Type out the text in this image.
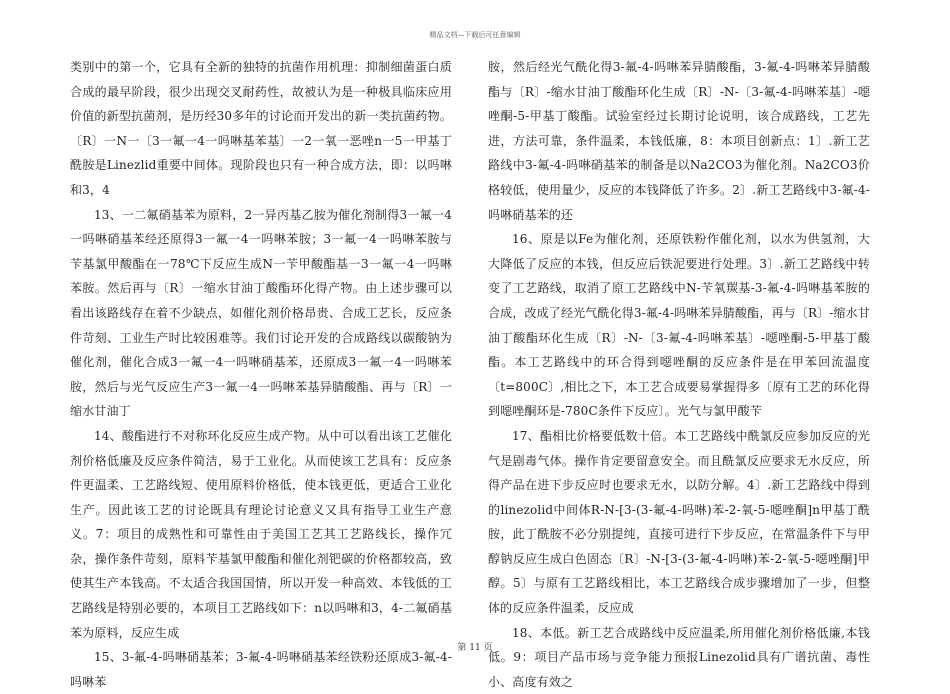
精品文档—下载后可任意编辑

类别中的第一个，它具有全新的独特的抗菌作用机理：抑制细菌蛋白质合成的最早阶段，很少出现交叉耐药性，故被认为是一种极具临床应用价值的新型抗菌剂，是历经30多年的讨论而开发出的新一类抗菌药物。〔R〕一N一〔3一氟一4一吗啉基苯基〕一2一氧一恶唑n一5一甲基丁酰胺是Linezlid重要中间体。现阶段也只有一种合成方法，即：以吗啉和3，4

13、一二氟硝基苯为原料，2一异丙基乙胺为催化剂制得3一氟一4一吗啉硝基苯经还原得3一氟一4一吗啉苯胺；3一氟一4一吗啉苯胺与苄基氯甲酸酯在一78℃下反应生成N一苄甲酸酯基一3一氟一4一吗啉苯胺。然后再与〔R〕一缩水甘油丁酸酯环化得产物。由上述步骤可以看出该路线存在着不少缺点，如催化剂价格昂贵、合成工艺长，反应条件苛刻、工业生产时比较困难等。我们讨论开发的合成路线以碳酸钠为催化剂，催化合成3一氟一4一吗啉硝基苯，还原成3一氟一4一吗啉苯胺，然后与光气反应生产3一氟一4一吗啉苯基异腈酸酯、再与〔R〕一缩水甘油丁

14、酸酯进行不对称环化反应生成产物。从中可以看出该工艺催化剂价格低廉及反应条件简洁，易于工业化。从而使该工艺具有：反应条件更温柔、工艺路线短、使用原料价格低，使本钱更低，更适合工业化生产。因此该工艺的讨论既具有理论讨论意义又具有指导工业生产意义。7：项目的成熟性和可靠性由于美国工艺其工艺路线长，操作冗杂，操作条件苛刻，原料苄基氯甲酸酯和催化剂钯碳的价格都较高，致使其生产本钱高。不太适合我国国情，所以开发一种高效、本钱低的工艺路线是特别必要的，本项目工艺路线如下：n以吗啉和3，4-二氟硝基苯为原料，反应生成

15、3-氟-4-吗啉硝基苯；3-氟-4-吗啉硝基苯经铁粉还原成3-氟-4-吗啉苯

胺，然后经光气酰化得3-氟-4-吗啉苯异腈酸酯，3-氟-4-吗啉苯异腈酸酯与〔R〕-缩水甘油丁酸酯环化生成〔R〕-N-〔3-氟-4-吗啉苯基〕-噁唑酮-5-甲基丁酸酯。试验室经过长期讨论说明，该合成路线，工艺先进，方法可靠，条件温柔，本钱低廉，8：本项目创新点：1〕.新工艺路线中3-氟-4-吗啉硝基苯的制备是以Na2CO3为催化剂。Na2CO3价格较低，使用量少，反应的本钱降低了许多。2〕.新工艺路线中3-氟-4-吗啉硝基苯的还

16、原是以Fe为催化剂，还原铁粉作催化剂，以水为供氢剂，大大降低了反应的本钱，但反应后铁泥要进行处理。3〕.新工艺路线中转变了工艺路线，取消了原工艺路线中N-苄氧羰基-3-氟-4-吗啉基苯胺的合成，改成了经光气酰化得3-氟-4-吗啉苯异腈酸酯，再与〔R〕-缩水甘油丁酸酯环化生成〔R〕-N-〔3-氟-4-吗啉苯基〕-噁唑酮-5-甲基丁酸酯。本工艺路线中的环合得到噁唑酮的反应条件是在甲苯回流温度〔t=800C〕,相比之下，本工艺合成要易掌握得多〔原有工艺的环化得到噁唑酮环是-780C条件下反应〕。光气与氯甲酸苄

17、酯相比价格要低数十倍。本工艺路线中酰氯反应参加反应的光气是剧毒气体。操作肯定要留意安全。而且酰氯反应要求无水反应，所得产品在进下步反应时也要求无水，以防分解。4〕.新工艺路线中得到的linezolid中间体R-N-[3-(3-氟-4-吗啉)苯-2-氧-5-噁唑酮]n甲基丁酰胺，此丁酰胺不必分别提纯，直接可进行下步反应，在常温条件下与甲醇钠反应生成白色固态〔R〕-N-[3-(3-氟-4-吗啉)苯-2-氧-5-噁唑酮]甲醇。5〕与原有工艺路线相比，本工艺路线合成步骤增加了一步，但整体的反应条件温柔，反应成

18、本低。新工艺合成路线中反应温柔,所用催化剂价格低廉,本钱低。9：项目产品市场与竞争能力预报Linezolid具有广谱抗菌、毒性小、高度有效之

第 11 页
